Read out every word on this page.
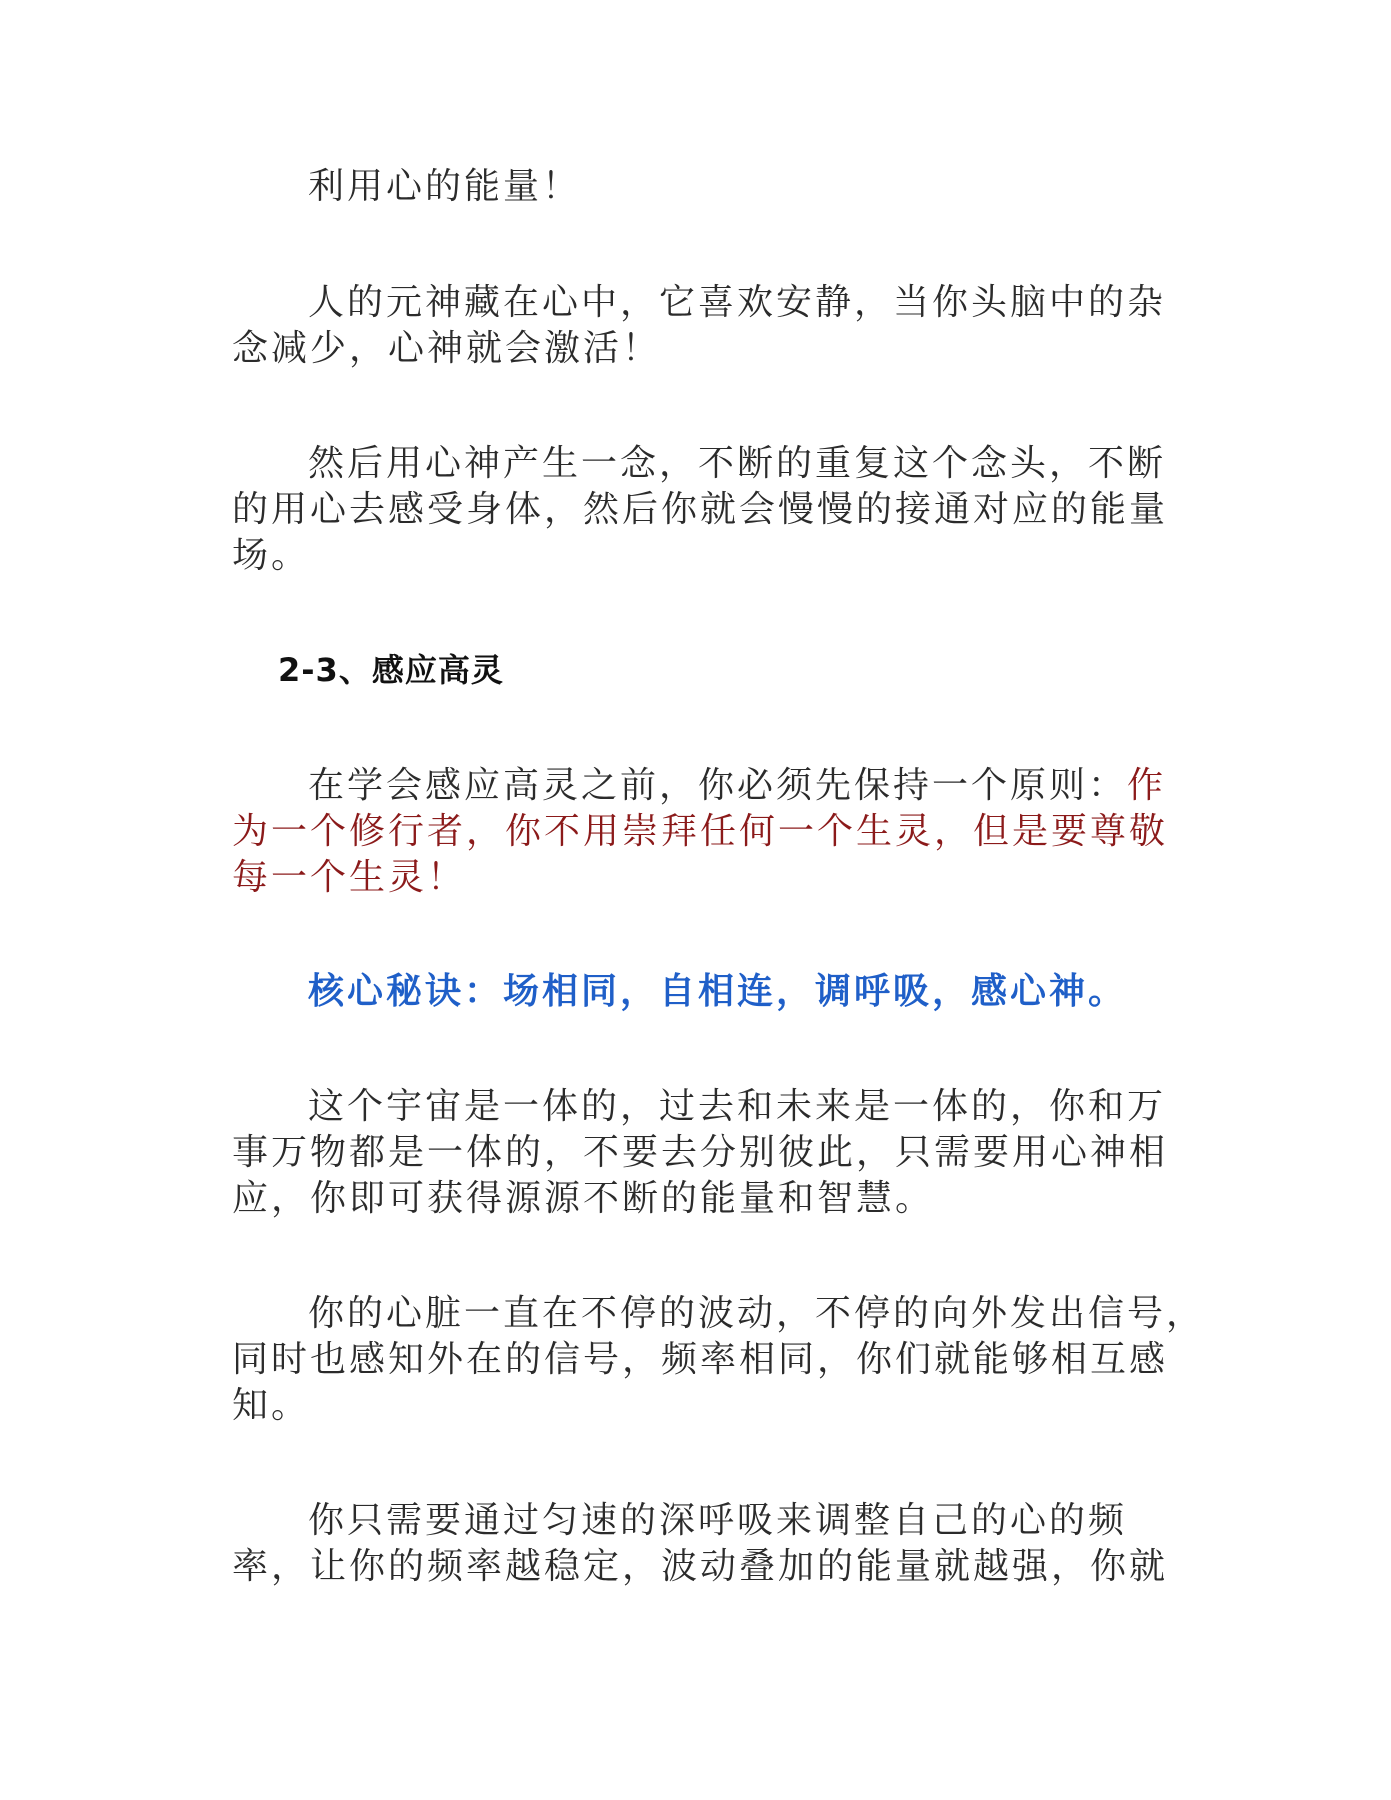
利用心的能量！
人的元神藏在心中，它喜欢安静，当你头脑中的杂
念减少，心神就会激活！
然后用心神产生一念，不断的重复这个念头，不断
的用心去感受身体，然后你就会慢慢的接通对应的能量
场。
2-3、感应高灵
在学会感应高灵之前，你必须先保持一个原则：作
为一个修行者，你不用崇拜任何一个生灵，但是要尊敬
每一个生灵！
核心秘诀：场相同，自相连，调呼吸，感心神。
这个宇宙是一体的，过去和未来是一体的，你和万
事万物都是一体的，不要去分别彼此，只需要用心神相
应，你即可获得源源不断的能量和智慧。
你的心脏一直在不停的波动，不停的向外发出信号，
同时也感知外在的信号，频率相同，你们就能够相互感
知。
你只需要通过匀速的深呼吸来调整自己的心的频
率，让你的频率越稳定，波动叠加的能量就越强，你就
